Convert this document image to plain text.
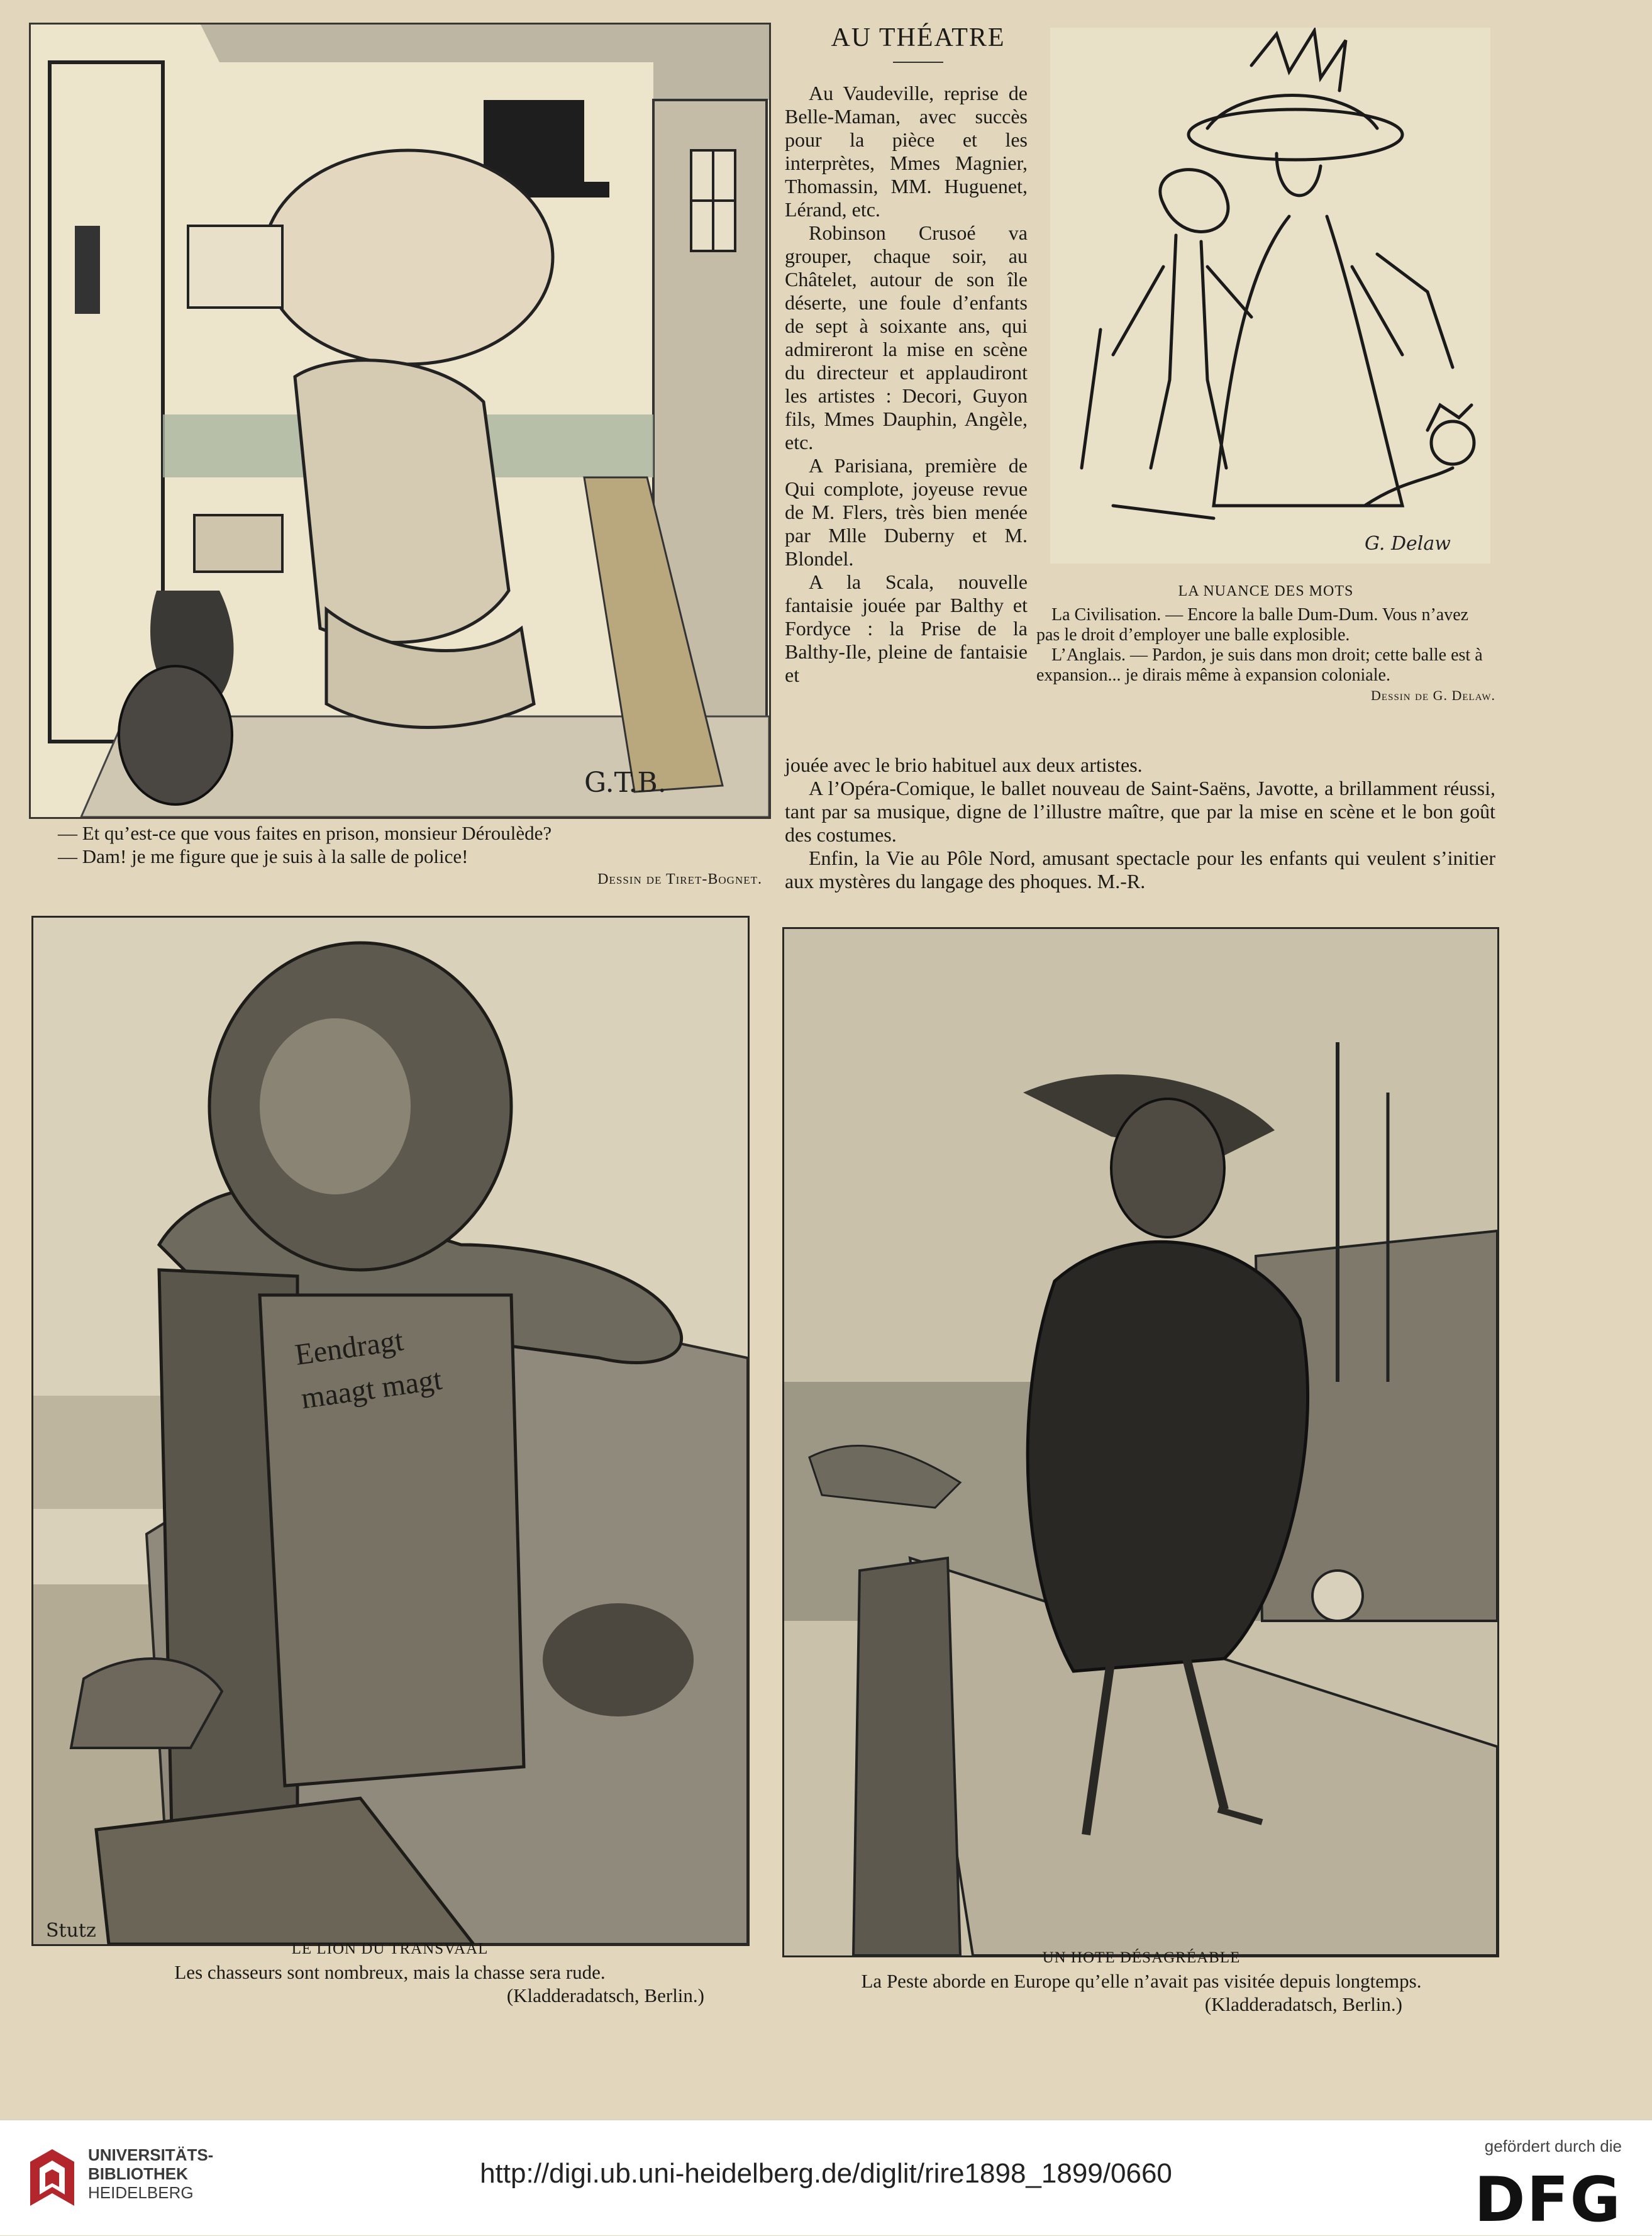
G.T.B.

— Et qu’est-ce que vous faites en prison, monsieur Déroulède?

— Dam! je me figure que je suis à la salle de police!

Dessin de Tiret-Bognet.

AU THÉATRE

Au Vaudeville, reprise de Belle-Maman, avec succès pour la pièce et les interprètes, Mmes Magnier, Thomassin, MM. Huguenet, Lérand, etc.

Robinson Crusoé va grouper, chaque soir, au Châtelet, autour de son île déserte, une foule d’enfants de sept à soixante ans, qui admireront la mise en scène du directeur et applaudiront les artistes : Decori, Guyon fils, Mmes Dauphin, Angèle, etc.

A Parisiana, première de Qui complote, joyeuse revue de M. Flers, très bien menée par Mlle Duberny et M. Blondel.

A la Scala, nouvelle fantaisie jouée par Balthy et Fordyce : la Prise de la Balthy-Ile, pleine de fantaisie et

G. Delaw

LA NUANCE DES MOTS

La Civilisation. — Encore la balle Dum-Dum. Vous n’avez pas le droit d’employer une balle explosible.

L’Anglais. — Pardon, je suis dans mon droit; cette balle est à expansion... je dirais même à expansion coloniale.

Dessin de G. Delaw.

jouée avec le brio habituel aux deux artistes.

A l’Opéra-Comique, le ballet nouveau de Saint-Saëns, Javotte, a brillamment réussi, tant par sa musique, digne de l’illustre maître, que par la mise en scène et le bon goût des costumes.

Enfin, la Vie au Pôle Nord, amusant spectacle pour les enfants qui veulent s’initier aux mystères du langage des phoques. M.-R.

Stutz
Eendragt maagt magt

LE LION DU TRANSVAAL

Les chasseurs sont nombreux, mais la chasse sera rude.

(Kladderadatsch, Berlin.)

UN HOTE DÉSAGRÉABLE

La Peste aborde en Europe qu’elle n’avait pas visitée depuis longtemps.

(Kladderadatsch, Berlin.)

UNIVERSITÄTS-
BIBLIOTHEK
HEIDELBERG
http://digi.ub.uni-heidelberg.de/diglit/rire1898_1899/0660
gefördert durch die
DFG
